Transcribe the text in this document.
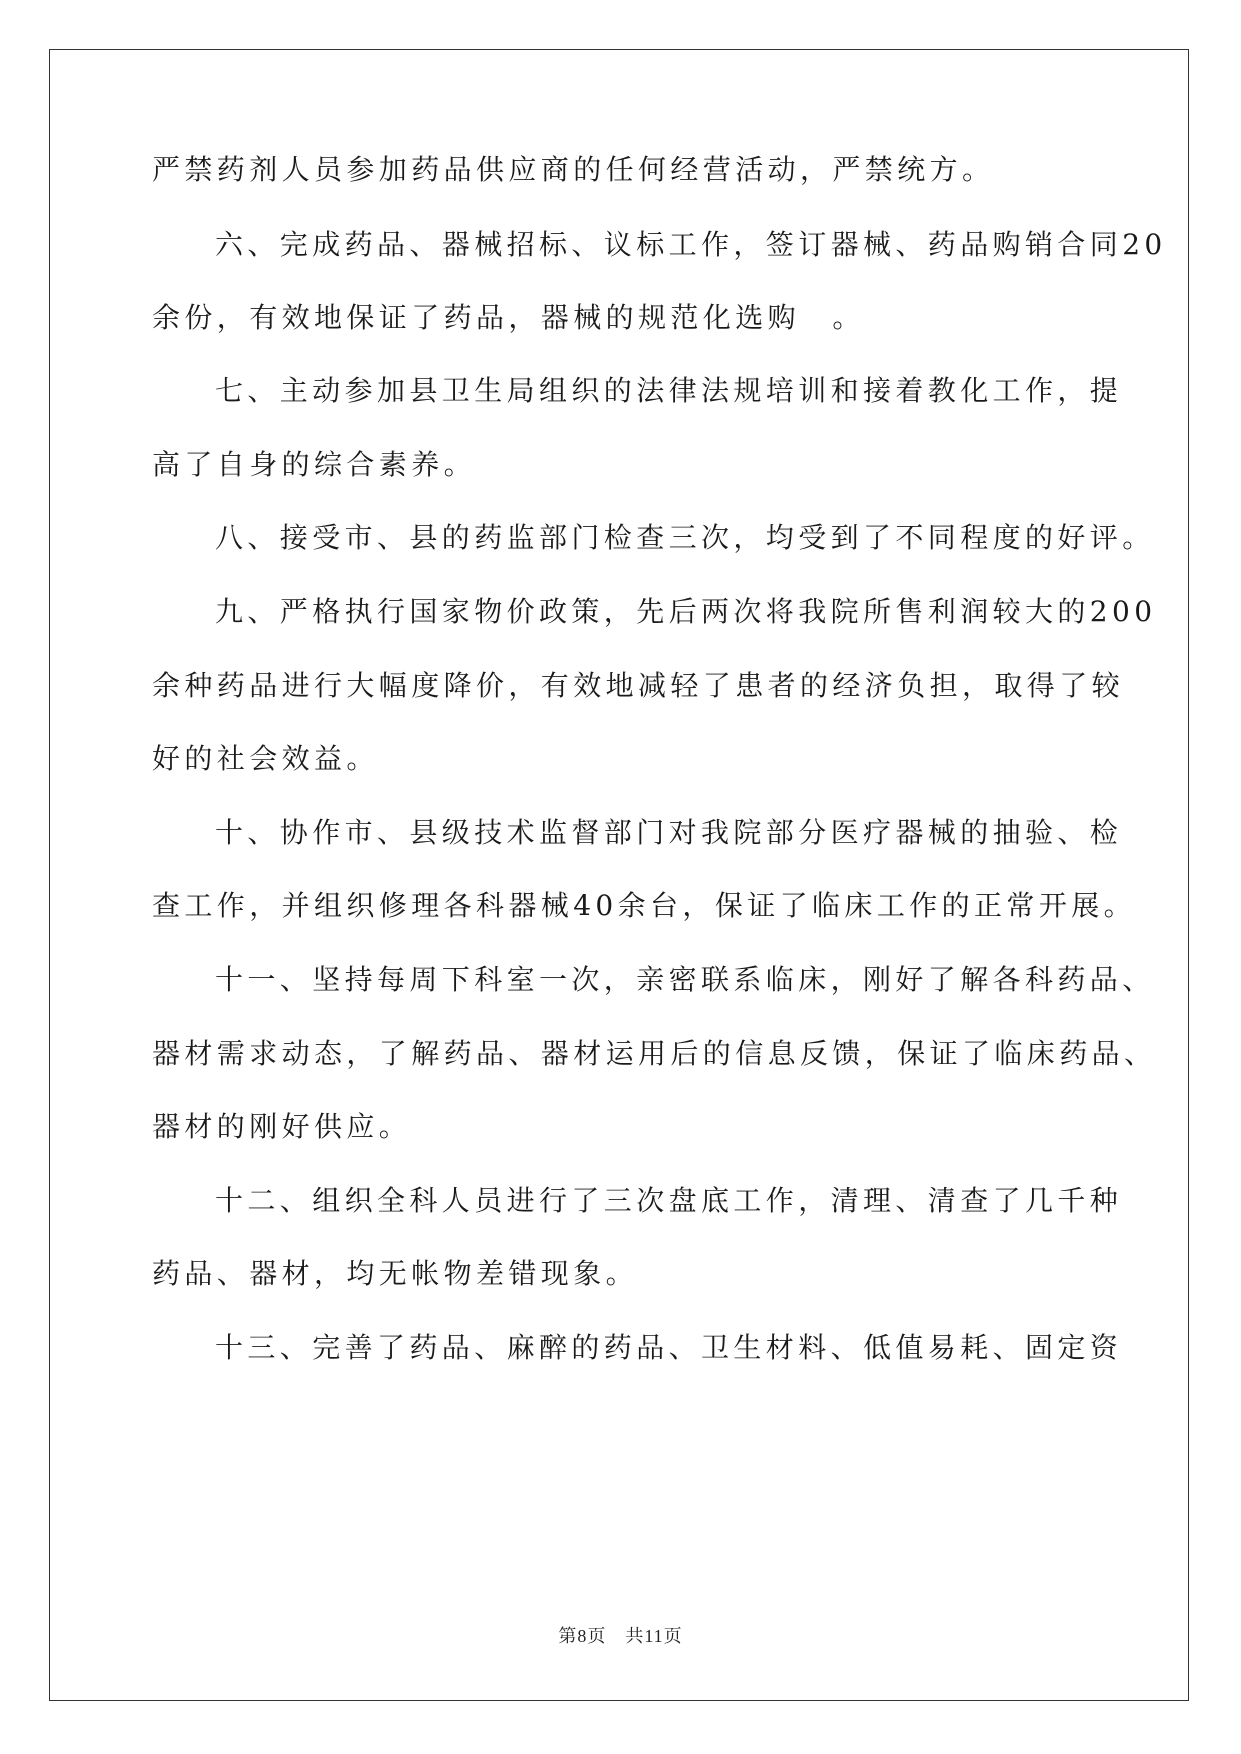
严禁药剂人员参加药品供应商的任何经营活动，严禁统方。
六、完成药品、器械招标、议标工作，签订器械、药品购销合同20
余份，有效地保证了药品，器械的规范化选购　。
七、主动参加县卫生局组织的法律法规培训和接着教化工作，提
高了自身的综合素养。
八、接受市、县的药监部门检查三次，均受到了不同程度的好评。
九、严格执行国家物价政策，先后两次将我院所售利润较大的200
余种药品进行大幅度降价，有效地减轻了患者的经济负担，取得了较
好的社会效益。
十、协作市、县级技术监督部门对我院部分医疗器械的抽验、检
查工作，并组织修理各科器械40余台，保证了临床工作的正常开展。
十一、坚持每周下科室一次，亲密联系临床，刚好了解各科药品、
器材需求动态，了解药品、器材运用后的信息反馈，保证了临床药品、
器材的刚好供应。
十二、组织全科人员进行了三次盘底工作，清理、清查了几千种
药品、器材，均无帐物差错现象。
十三、完善了药品、麻醉的药品、卫生材料、低值易耗、固定资
第8页　共11页
